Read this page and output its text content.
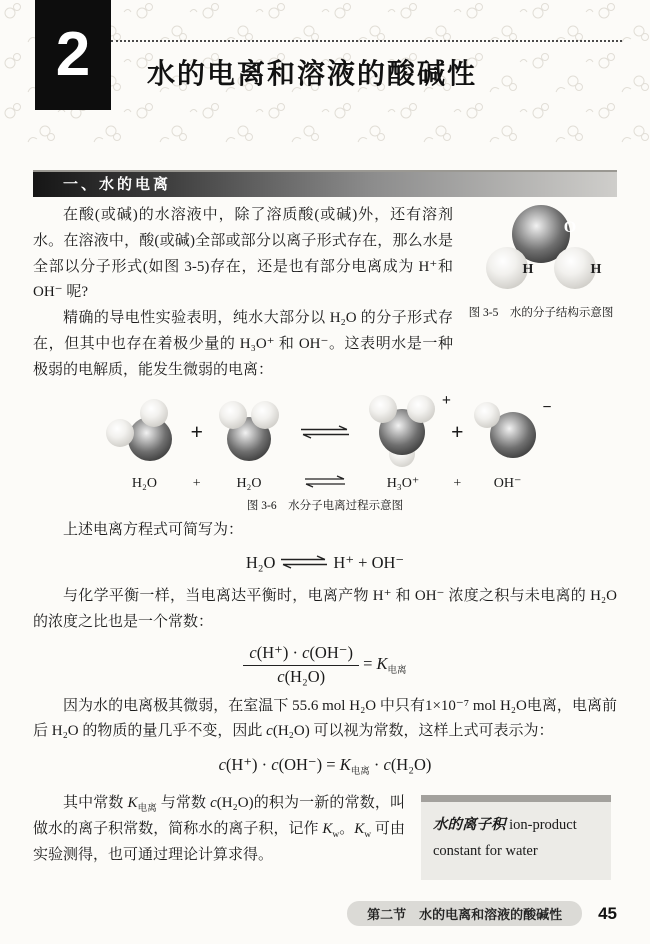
2 水的电离和溶液的酸碱性
一、水的电离
O
H	H
图 3-5　水的分子结构示意图

在酸(或碱)的水溶液中，除了溶质酸(或碱)外，还有溶剂水。在溶液中，酸(或碱)全部或部分以离子形式存在，那么水是全部以分子形式(如图 3-5)存在，还是也有部分电离成为 H⁺和 OH⁻ 呢?

精确的导电性实验表明，纯水大部分以 H₂O 的分子形式存在，但其中也存在着极少量的 H₃O⁺ 和 OH⁻。这表明水是一种极弱的电解质，能发生微弱的电离：

H₂O
+
+	H₂O
+
H₃O⁺
+
+
−
OH⁻
图 3-6　水分子电离过程示意图

上述电离方程式可简写为：

H₂O ⇌ H⁺ + OH⁻

与化学平衡一样，当电离达平衡时，电离产物 H⁺ 和 OH⁻ 浓度之积与未电离的 H₂O 的浓度之比也是一个常数：

$\frac{c(H^+) \cdot c(OH^-)}{\text{c(H₂O)}} = K_{电离}$

因为水的电离极其微弱，在室温下 55.6 mol H₂O 中只有1×10⁻⁷ mol H₂O电离，电离前后 H₂O 的物质的量几乎不变，因此 c(H₂O) 可以视为常数，这样上式可表示为：

$c(H^+) \cdot c(OH^-) = K_{电离} \cdot c(H_2O)$

其中常数 $K_{电离}$ 与常数 c(H₂O)的积为一新的常数，叫做水的离子积常数，简称水的离子积，记作 $K_w$。$K_w$ 可由实验测得，也可通过理论计算求得。

水的离子积 ion-product constant for water
第二节　水的电离和溶液的酸碱性	45
